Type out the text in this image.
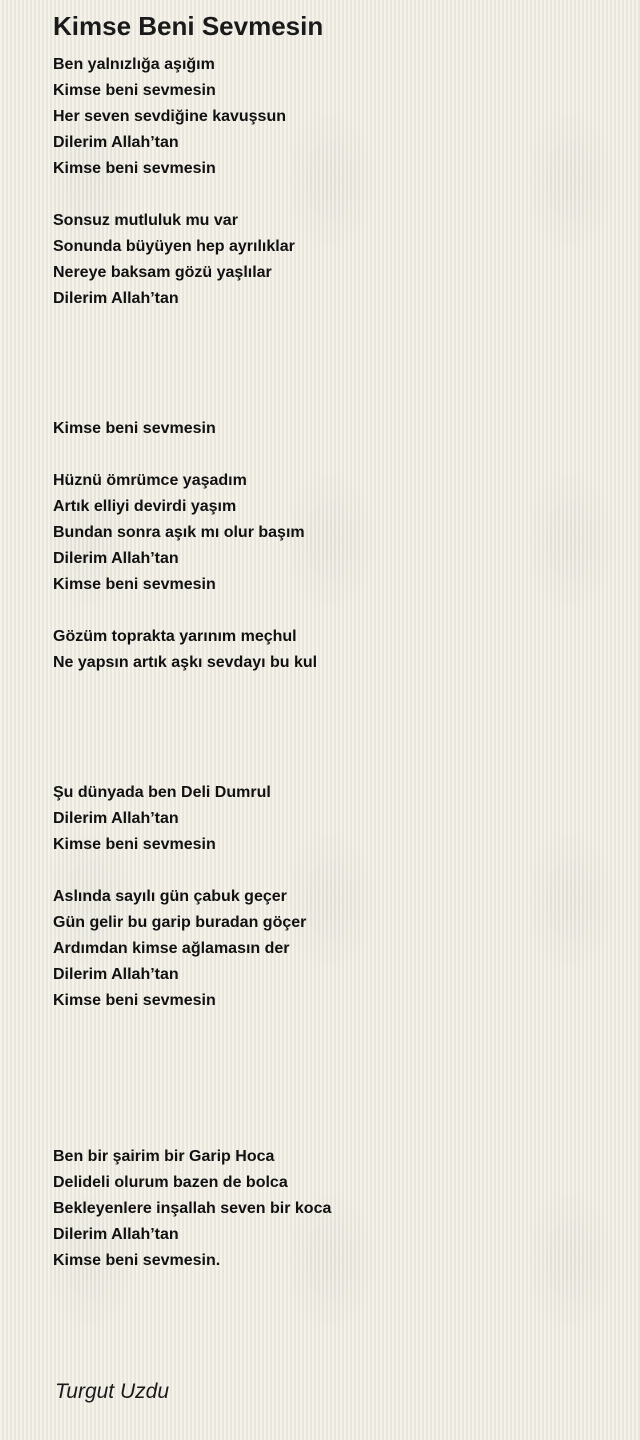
Kimse Beni Sevmesin
Ben yalnızlığa aşığım
Kimse beni sevmesin
Her seven sevdiğine kavuşsun
Dilerim Allah’tan
Kimse beni sevmesin
Sonsuz mutluluk mu var
Sonunda büyüyen hep ayrılıklar
Nereye baksam gözü yaşlılar
Dilerim Allah’tan
Kimse beni sevmesin
Hüznü ömrümce yaşadım
Artık elliyi devirdi yaşım
Bundan sonra aşık mı olur başım
Dilerim Allah’tan
Kimse beni sevmesin
Gözüm toprakta yarınım meçhul
Ne yapsın artık aşkı sevdayı bu kul
Şu dünyada ben Deli Dumrul
Dilerim Allah’tan
Kimse beni sevmesin
Aslında sayılı gün çabuk geçer
Gün gelir bu garip buradan göçer
Ardımdan kimse ağlamasın der
Dilerim Allah’tan
Kimse beni sevmesin
Ben bir şairim bir Garip Hoca
Delideli olurum bazen de bolca
Bekleyenlere inşallah seven bir koca
Dilerim Allah’tan
Kimse beni sevmesin.
Turgut Uzdu
